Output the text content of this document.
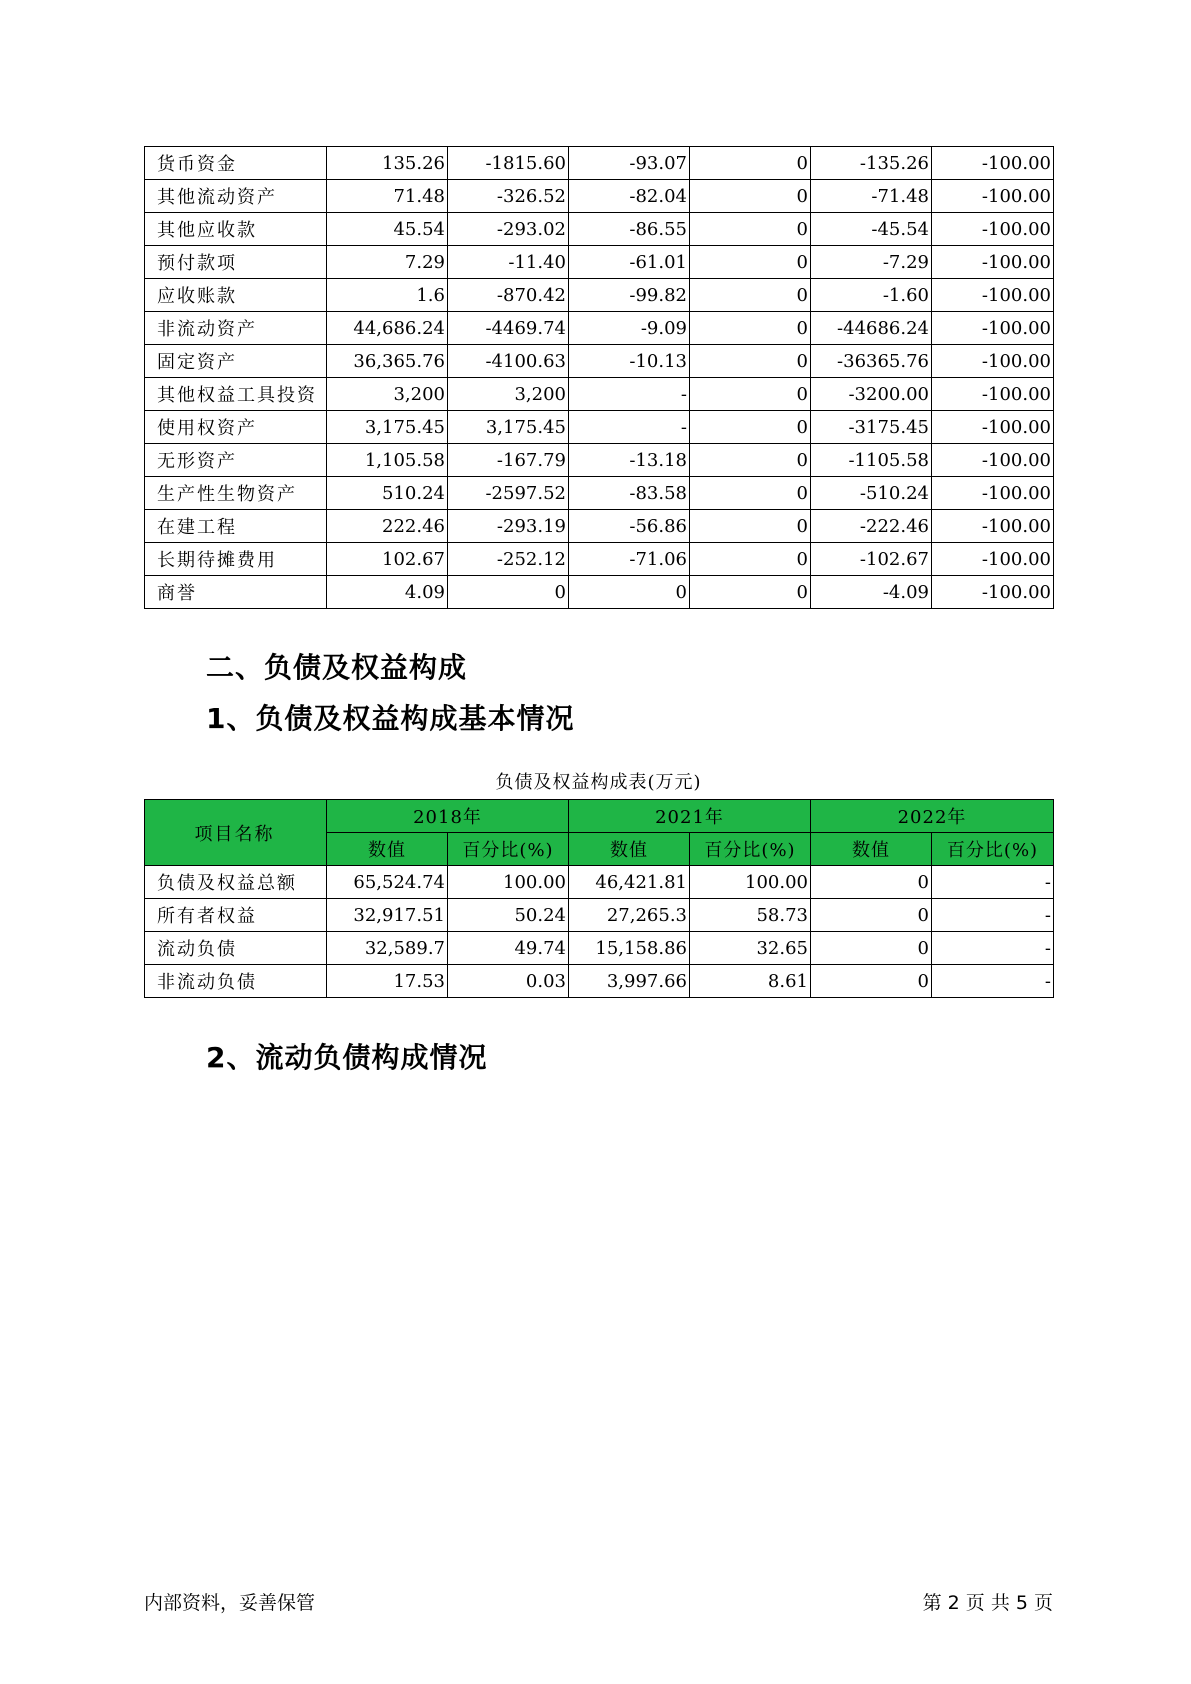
货币资金	135.26	-1815.60	-93.07	0	-135.26	-100.00
其他流动资产	71.48	-326.52	-82.04	0	-71.48	-100.00
其他应收款	45.54	-293.02	-86.55	0	-45.54	-100.00
预付款项	7.29	-11.40	-61.01	0	-7.29	-100.00
应收账款	1.6	-870.42	-99.82	0	-1.60	-100.00
非流动资产	44,686.24	-4469.74	-9.09	0	-44686.24	-100.00
固定资产	36,365.76	-4100.63	-10.13	0	-36365.76	-100.00
其他权益工具投资	3,200	3,200	-	0	-3200.00	-100.00
使用权资产	3,175.45	3,175.45	-	0	-3175.45	-100.00
无形资产	1,105.58	-167.79	-13.18	0	-1105.58	-100.00
生产性生物资产	510.24	-2597.52	-83.58	0	-510.24	-100.00
在建工程	222.46	-293.19	-56.86	0	-222.46	-100.00
长期待摊费用	102.67	-252.12	-71.06	0	-102.67	-100.00
商誉	4.09	0	0	0	-4.09	-100.00
二、负债及权益构成
1、负债及权益构成基本情况
负债及权益构成表(万元)
项目名称	2018年		2021年		2022年	
	数值	百分比(%)	数值	百分比(%)	数值	百分比(%)
负债及权益总额	65,524.74	100.00	46,421.81	100.00	0	-
所有者权益	32,917.51	50.24	27,265.3	58.73	0	-
流动负债	32,589.7	49.74	15,158.86	32.65	0	-
非流动负债	17.53	0.03	3,997.66	8.61	0	-
2、流动负债构成情况
内部资料，妥善保管	第 2 页 共 5 页
